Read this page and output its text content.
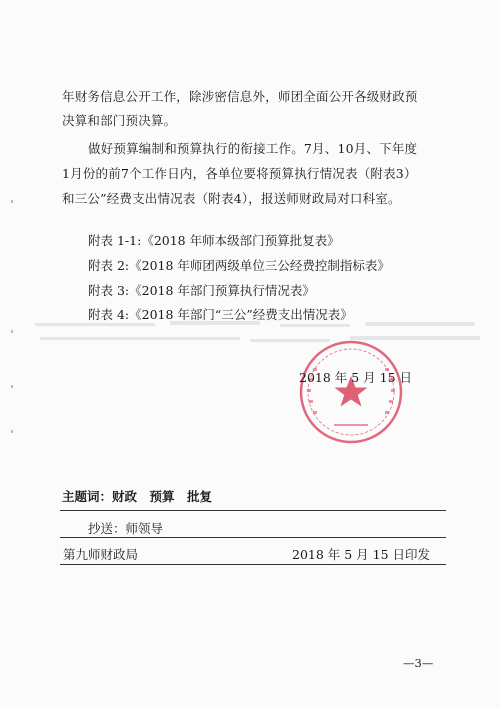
年财务信息公开工作，除涉密信息外，师团全面公开各级财政预

决算和部门预决算。

做好预算编制和预算执行的衔接工作。7月、10月、下年度

1月份的前7个工作日内，各单位要将预算执行情况表（附表3）

和三公”经费支出情况表（附表4），报送师财政局对口科室。

附表 1-1:《2018 年师本级部门预算批复表》

附表 2:《2018 年师团两级单位三公经费控制指标表》

附表 3:《2018 年部门预算执行情况表》

附表 4:《2018 年部门“三公”经费支出情况表》

2018 年 5 月 15 日
主题词：财政　预算　批复
抄送：师领导
第九师财政局	2018 年 5 月 15 日印发
—3—
